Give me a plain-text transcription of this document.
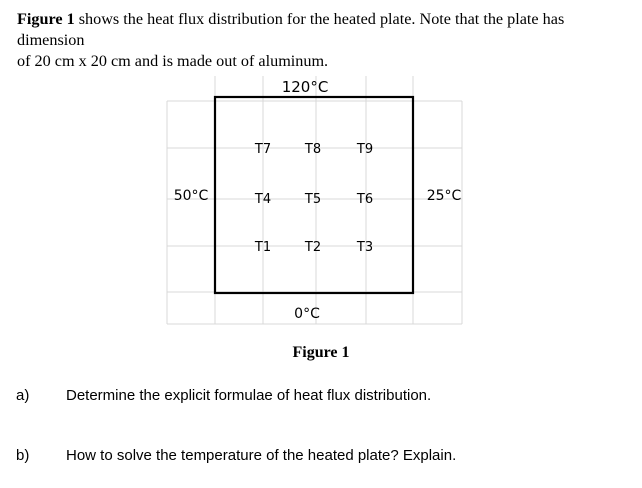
Figure 1 shows the heat flux distribution for the heated plate. Note that the plate has dimension
of 20 cm x 20 cm and is made out of aluminum.
120°C
50°C	25°C
0°C
T7	T8	T9
T4	T5	T6
T1	T2	T3
Figure 1
a) Determine the explicit formulae of heat flux distribution.
b) How to solve the temperature of the heated plate? Explain.
